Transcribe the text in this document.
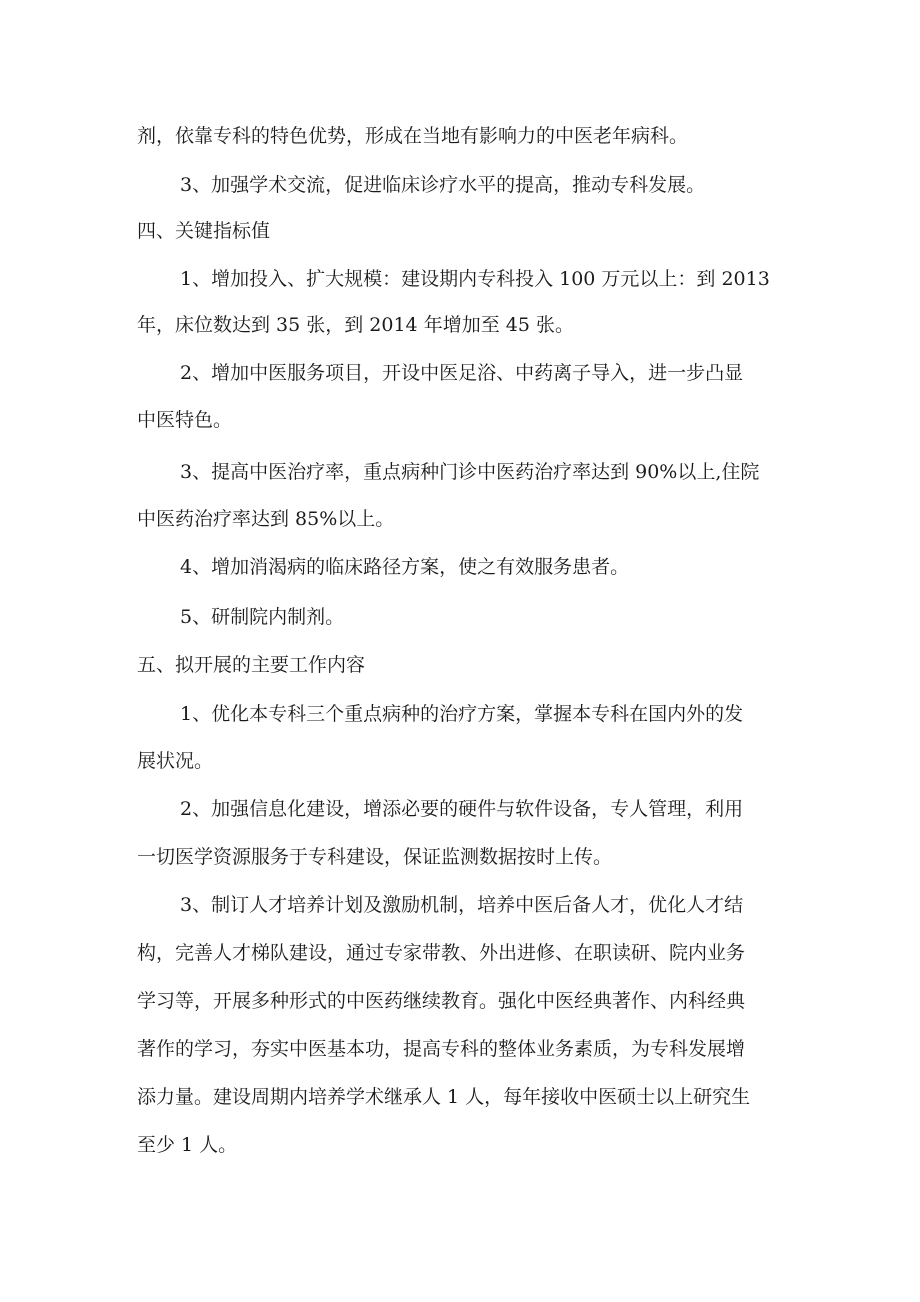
剂，依靠专科的特色优势，形成在当地有影响力的中医老年病科。

3、加强学术交流，促进临床诊疗水平的提高，推动专科发展。

四、关键指标值

1、增加投入、扩大规模：建设期内专科投入 100 万元以上：到 2013

年，床位数达到 35 张，到 2014 年增加至 45 张。

2、增加中医服务项目，开设中医足浴、中药离子导入，进一步凸显

中医特色。

3、提高中医治疗率，重点病种门诊中医药治疗率达到 90%以上,住院

中医药治疗率达到 85%以上。

4、增加消渴病的临床路径方案，使之有效服务患者。

5、研制院内制剂。

五、拟开展的主要工作内容

1、优化本专科三个重点病种的治疗方案，掌握本专科在国内外的发

展状况。

2、加强信息化建设，增添必要的硬件与软件设备，专人管理，利用

一切医学资源服务于专科建设，保证监测数据按时上传。

3、制订人才培养计划及激励机制，培养中医后备人才，优化人才结

构，完善人才梯队建设，通过专家带教、外出进修、在职读研、院内业务

学习等，开展多种形式的中医药继续教育。强化中医经典著作、内科经典

著作的学习，夯实中医基本功，提高专科的整体业务素质，为专科发展增

添力量。建设周期内培养学术继承人 1 人，每年接收中医硕士以上研究生

至少 1 人。
